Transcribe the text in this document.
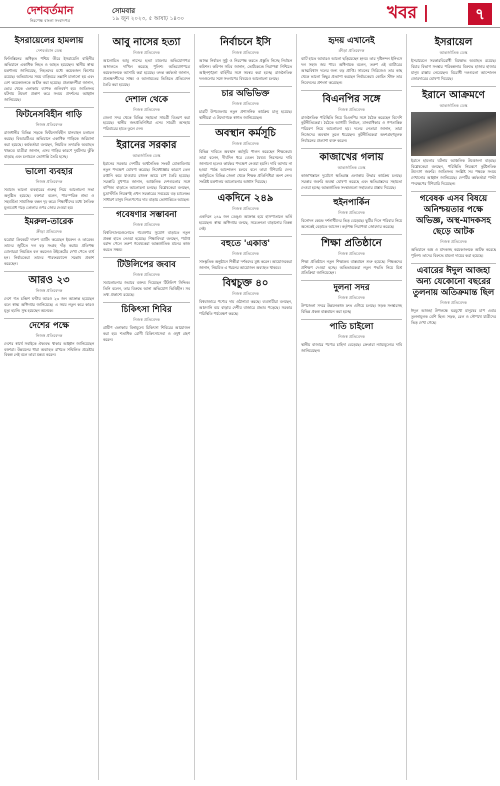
দেশবর্তমান
নিরপেক্ষ বাংলা সংবাদপত্র
সোমবার
১৯ জুন ২০২৩, ৫ আষাঢ় ১৪৩০	খবর |	৭
ইসরায়েলের হামলায়
দেশবর্তমান ডেস্ক
ফিলিস্তিনের অধিকৃত পশ্চিম তীরে ইসরায়েলি বাহিনীর অভিযানে একাধিক নিহত ও আহত হয়েছেন। স্থানীয় স্বাস্থ্য মন্ত্রণালয় জানিয়েছে, নিহতদের মধ্যে কয়েকজন কিশোর রয়েছে। অভিযানের সময় বাড়িঘরে তল্লাশি চালানো হয় এবং বেশ কয়েকজনকে আটক করা হয়েছে। প্রত্যক্ষদর্শীরা জানান, ভোর থেকে এলাকায় ব্যাপক গুলিবর্ষণ হয়। জাতিসংঘ ঘটনায় উদ্বেগ প্রকাশ করে সংযম প্রদর্শনের আহ্বান জানিয়েছে।
ফিটনেসবিহীন গাড়ি
নিজস্ব প্রতিবেদক
রাজধানীর বিভিন্ন সড়কে ফিটনেসবিহীন যানবাহন চলাচল করছে। বিআরটিএর অভিযানে একাধিক গাড়িকে জরিমানা করা হয়েছে। কর্মকর্তারা বলছেন, নিয়মিত তদারকি অব্যাহত থাকবে। যাত্রীরা জানান, এসব গাড়ির কারণে দুর্ঘটনার ঝুঁকি বাড়ছে এবং চলাচলে ভোগান্তি তৈরি হচ্ছে।
ভালো ব্যবহার
নিজস্ব প্রতিবেদক
সমাজে ভালো ব্যবহারের গুরুত্ব নিয়ে আলোচনা সভা অনুষ্ঠিত হয়েছে। বক্তারা বলেন, পারস্পরিক শ্রদ্ধা ও সহমর্মিতা সামাজিক বন্ধন দৃঢ় করে। শিক্ষার্থীদের মধ্যে নৈতিক মূল্যবোধ গড়ে তোলার ওপর জোর দেওয়া হয়।
ইমরুল-তারেক
ক্রীড়া প্রতিবেদক
ঘরোয়া ক্রিকেটে দারুণ ব্যাটিং করেছেন ইমরুল ও তারেক। তাদের জুটিতে দল বড় সংগ্রহ দাঁড় করায়। প্রতিপক্ষ বোলাররা নিয়ন্ত্রিত বল করলেও উইকেটের দেখা পেতে ব্যর্থ হন। নির্বাচকেরা তাদের পারফরম্যান্সে সন্তোষ প্রকাশ করেছেন।
আরও ২৩
নিজস্ব প্রতিবেদক
দেশে গত চব্বিশ ঘণ্টায় আরও ২৩ জন আক্রান্ত হয়েছেন বলে স্বাস্থ্য অধিদপ্তর জানিয়েছে। এ সময় নতুন করে কারও মৃত্যু হয়নি। সুস্থ হয়েছেন অনেকে।
দেশের পক্ষে
নিজস্ব প্রতিবেদক
দেশের স্বার্থে সবাইকে ঐক্যবদ্ধ থাকার আহ্বান জানিয়েছেন বক্তারা। উন্নয়নের ধারা অব্যাহত রাখতে সম্মিলিত প্রচেষ্টার বিকল্প নেই বলে তারা মন্তব্য করেন।
আবু নাসের হত্যা
নিজস্ব প্রতিবেদক
আলোচিত আবু নাসের হত্যা মামলার অভিযোগপত্র আদালতে দাখিল করেছে পুলিশ। অভিযোগপত্রে কয়েকজনকে আসামি করা হয়েছে। তদন্ত কর্মকর্তা জানান, প্রত্যক্ষদর্শীদের সাক্ষ্য ও আলামতের ভিত্তিতে প্রতিবেদন তৈরি করা হয়েছে।
দেশাল থেকে
নিজস্ব প্রতিবেদক
জেলা সদর থেকে বিভিন্ন সহায়তা সামগ্রী বিতরণ করা হয়েছে। স্থানীয় জনপ্রতিনিধিরা এসব সামগ্রী অসহায় পরিবারের হাতে তুলে দেন।
ইরানের সরকার
আন্তর্জাতিক ডেস্ক
ইরানের সরকার দেশটির অর্থনৈতিক সংকট মোকাবিলায় নতুন পদক্ষেপ ঘোষণা করেছে। নিষেধাজ্ঞার কারণে তেল রপ্তানি কমে যাওয়ায় রাজস্ব আয়ে চাপ তৈরি হয়েছে। সরকারি মুখপাত্র জানান, আঞ্চলিক দেশগুলোর সঙ্গে বাণিজ্য বাড়াতে আলোচনা চলছে। বিশ্লেষকেরা বলছেন, মুদ্রাস্ফীতি নিয়ন্ত্রণই এখন সরকারের সবচেয়ে বড় চ্যালেঞ্জ। সাধারণ মানুষ নিত্যপণ্যের দাম বাড়ায় ভোগান্তিতে আছেন।
গবেষণার সম্ভাবনা
নিজস্ব প্রতিবেদক
বিশ্ববিদ্যালয়গুলোতে গবেষণার সুযোগ বাড়াতে নতুন প্রকল্প হাতে নেওয়া হয়েছে। শিক্ষাবিদরা বলছেন, পর্যাপ্ত বরাদ্দ পেলে তরুণ গবেষকেরা আন্তর্জাতিক মানের কাজ করতে সক্ষম।
টিউলিপের জবাব
নিজস্ব প্রতিবেদক
সমালোচনার জবাবে বক্তব্য দিয়েছেন টিউলিপ সিদ্দিক। তিনি বলেন, তার বিরুদ্ধে আনা অভিযোগ ভিত্তিহীন। সব তথ্য প্রকাশ্যে রয়েছে।
চিকিৎসা শিবির
নিজস্ব প্রতিবেদক
গ্রামীণ এলাকায় বিনামূল্যে চিকিৎসা শিবিরের আয়োজন করা হয়। শতাধিক রোগী চিকিৎসাসেবা ও ওষুধ গ্রহণ করেন।
নির্বাচনে ইসি
নিজস্ব প্রতিবেদক
আসন্ন নির্বাচন সুষ্ঠু ও নিরপেক্ষ করতে প্রস্তুতি নিচ্ছে নির্বাচন কমিশন। কমিশন সচিব জানান, ভোটকেন্দ্রে নিরাপত্তা নিশ্চিতে আইনশৃঙ্খলা বাহিনীর সঙ্গে সমন্বয় করা হচ্ছে। রাজনৈতিক দলগুলোর সঙ্গে সংলাপের বিষয়েও আলোচনা চলছে।
চার অভিভিক্ত
নিজস্ব প্রতিবেদক
চারটি উপজেলায় নতুন প্রশাসনিক কার্যক্রম চালু হয়েছে। স্থানীয়রা এ উদ্যোগকে স্বাগত জানিয়েছেন।
অবস্থান কর্মসূচি
নিজস্ব প্রতিবেদক
বিভিন্ন দাবিতে অবস্থান কর্মসূচি পালন করেছেন শিক্ষকেরা। তারা বলেন, দীর্ঘদিন ধরে বেতন বৈষম্য নিরসনের দাবি জানানো হলেও কার্যকর পদক্ষেপ নেওয়া হয়নি। দাবি আদায় না হওয়া পর্যন্ত আন্দোলন চলবে বলে তারা হুঁশিয়ারি দেন। কর্মসূচিতে বিভিন্ন জেলা থেকে শিক্ষক প্রতিনিধিরা অংশ নেন। সংশ্লিষ্ট মন্ত্রণালয় আলোচনার আশ্বাস দিয়েছে।
একদিনে ২৪৯
নিজস্ব প্রতিবেদক
একদিনে ২৪৯ জন ডেঙ্গু আক্রান্ত হয়ে হাসপাতালে ভর্তি হয়েছেন। স্বাস্থ্য অধিদপ্তর বলছে, সচেতনতা বাড়ানোর বিকল্প নেই।
বহুতে 'একাত্ত'
নিজস্ব প্রতিবেদক
সাংস্কৃতিক অনুষ্ঠানে শিল্পীরা দর্শকদের মুগ্ধ করেন। আয়োজকেরা জানান, নিয়মিত এ ধরনের আয়োজন অব্যাহত থাকবে।
বিশ্বচুক্ত ৪০
নিজস্ব প্রতিবেদক
বিশ্ববাজারে পণ্যের দাম ওঠানামা করছে। ব্যবসায়ীরা বলছেন, আমদানি ব্যয় বাড়ায় দেশীয় বাজারে প্রভাব পড়েছে। সরকার পরিস্থিতি পর্যবেক্ষণ করছে।
হৃদয় এখানেই
ক্রীড়া প্রতিবেদক
ব্যাট হাতে আবারও আলো ছড়িয়েছেন হৃদয়। তার দৃষ্টিনন্দন ইনিংসে দল সহজ জয় পায়। অধিনায়ক বলেন, তরুণ এই ব্যাটারের আত্মবিশ্বাস দলের জন্য বড় প্রাপ্তি। সামনের সিরিজেও তার কাছ থেকে ভালো কিছুর প্রত্যাশা করছেন নির্বাচকেরা। কোচিং স্টাফ তার নিবেদনের প্রশংসা করেছেন।
বিএনপির সঙ্গে
নিজস্ব প্রতিবেদক
রাজনৈতিক পরিস্থিতি নিয়ে বিএনপির সঙ্গে বৈঠক করেছেন বিদেশি কূটনীতিকেরা। বৈঠকে আগামী নির্বাচন, মানবাধিকার ও গণতান্ত্রিক পরিবেশ নিয়ে আলোচনা হয়। দলের নেতারা জানান, তারা নিজেদের অবস্থান তুলে ধরেছেন। কূটনীতিকেরা অংশগ্রহণমূলক নির্বাচনের প্রত্যাশা ব্যক্ত করেন।
কাজাখের গলায়
আন্তর্জাতিক ডেস্ক
কাজাখস্তানে দুর্যোগে ক্ষতিগ্রস্ত এলাকায় উদ্ধার কার্যক্রম চলছে। সরকার জরুরি অবস্থা ঘোষণা করেছে এবং ক্ষতিগ্রস্তদের সহায়তা দেওয়া হচ্ছে। আন্তর্জাতিক সংস্থাগুলো সহায়তার প্রস্তাব দিয়েছে।
হুইনপার্কিন
নিজস্ব প্রতিবেদক
বিনোদন কেন্দ্রে দর্শনার্থীদের ভিড় বেড়েছে। ছুটির দিনে পরিবার নিয়ে অনেকেই বেড়াতে আসেন। কর্তৃপক্ষ নিরাপত্তা জোরদার করেছে।
শিক্ষা প্রতিষ্ঠানে
নিজস্ব প্রতিবেদক
শিক্ষা প্রতিষ্ঠানে নতুন শিক্ষাক্রম বাস্তবায়ন শুরু হয়েছে। শিক্ষকদের প্রশিক্ষণ দেওয়া হচ্ছে। অভিভাবকেরা নতুন পদ্ধতি নিয়ে মিশ্র প্রতিক্রিয়া জানিয়েছেন।
দুলনা সদর
নিজস্ব প্রতিবেদক
উপজেলা সদরে উন্নয়নকাজ দ্রুত এগিয়ে চলছে। সড়ক সংস্কারসহ বিভিন্ন প্রকল্প বাস্তবায়ন করা হচ্ছে।
পাতি চাইলো
নিজস্ব প্রতিবেদক
স্থানীয় বাজারে পণ্যের চাহিদা বেড়েছে। ক্রেতারা ন্যায্যমূল্যের দাবি জানিয়েছেন।
ইসরায়েল
আন্তর্জাতিক ডেস্ক
ইসরায়েলে সরকারবিরোধী বিক্ষোভ অব্যাহত রয়েছে। বিচার বিভাগ সংস্কার পরিকল্পনার বিরুদ্ধে হাজার হাজার মানুষ রাস্তায় নেমেছেন। বিরোধী দলগুলো আন্দোলন জোরদারের ঘোষণা দিয়েছে।
ইরানে আক্রমণে
আন্তর্জাতিক ডেস্ক
ইরানে হামলার ঘটনায় আঞ্চলিক উত্তেজনা বাড়ছে। বিশ্লেষকেরা বলছেন, পরিস্থিতি নিয়ন্ত্রণে কূটনৈতিক উদ্যোগ জরুরি। জাতিসংঘ সংশ্লিষ্ট সব পক্ষকে সংযম দেখানোর আহ্বান জানিয়েছে। দেশটির কর্মকর্তারা পাল্টা পদক্ষেপের হুঁশিয়ারি দিয়েছেন।
গবেষক এসব বিষয়ে অনিশ্চয়তার পক্ষে অভিজ্ঞ, অস্থ-মাদকসহ ছেড়ে আটক
নিজস্ব প্রতিবেদক
অভিযানে অস্ত্র ও মাদকসহ কয়েকজনকে আটক করেছে পুলিশ। তাদের বিরুদ্ধে মামলা দায়ের করা হয়েছে।
এবারের ঈদুল আজহা অন্য যেকোনো বছরের তুলনায় অতিক্রমান্ত ছিল
নিজস্ব প্রতিবেদক
ঈদুল আজহা উপলক্ষে ঘরমুখো মানুষের চাপ এবার তুলনামূলক বেশি ছিল। সড়ক, রেল ও নৌপথে যাত্রীদের ভিড় দেখা গেছে।
